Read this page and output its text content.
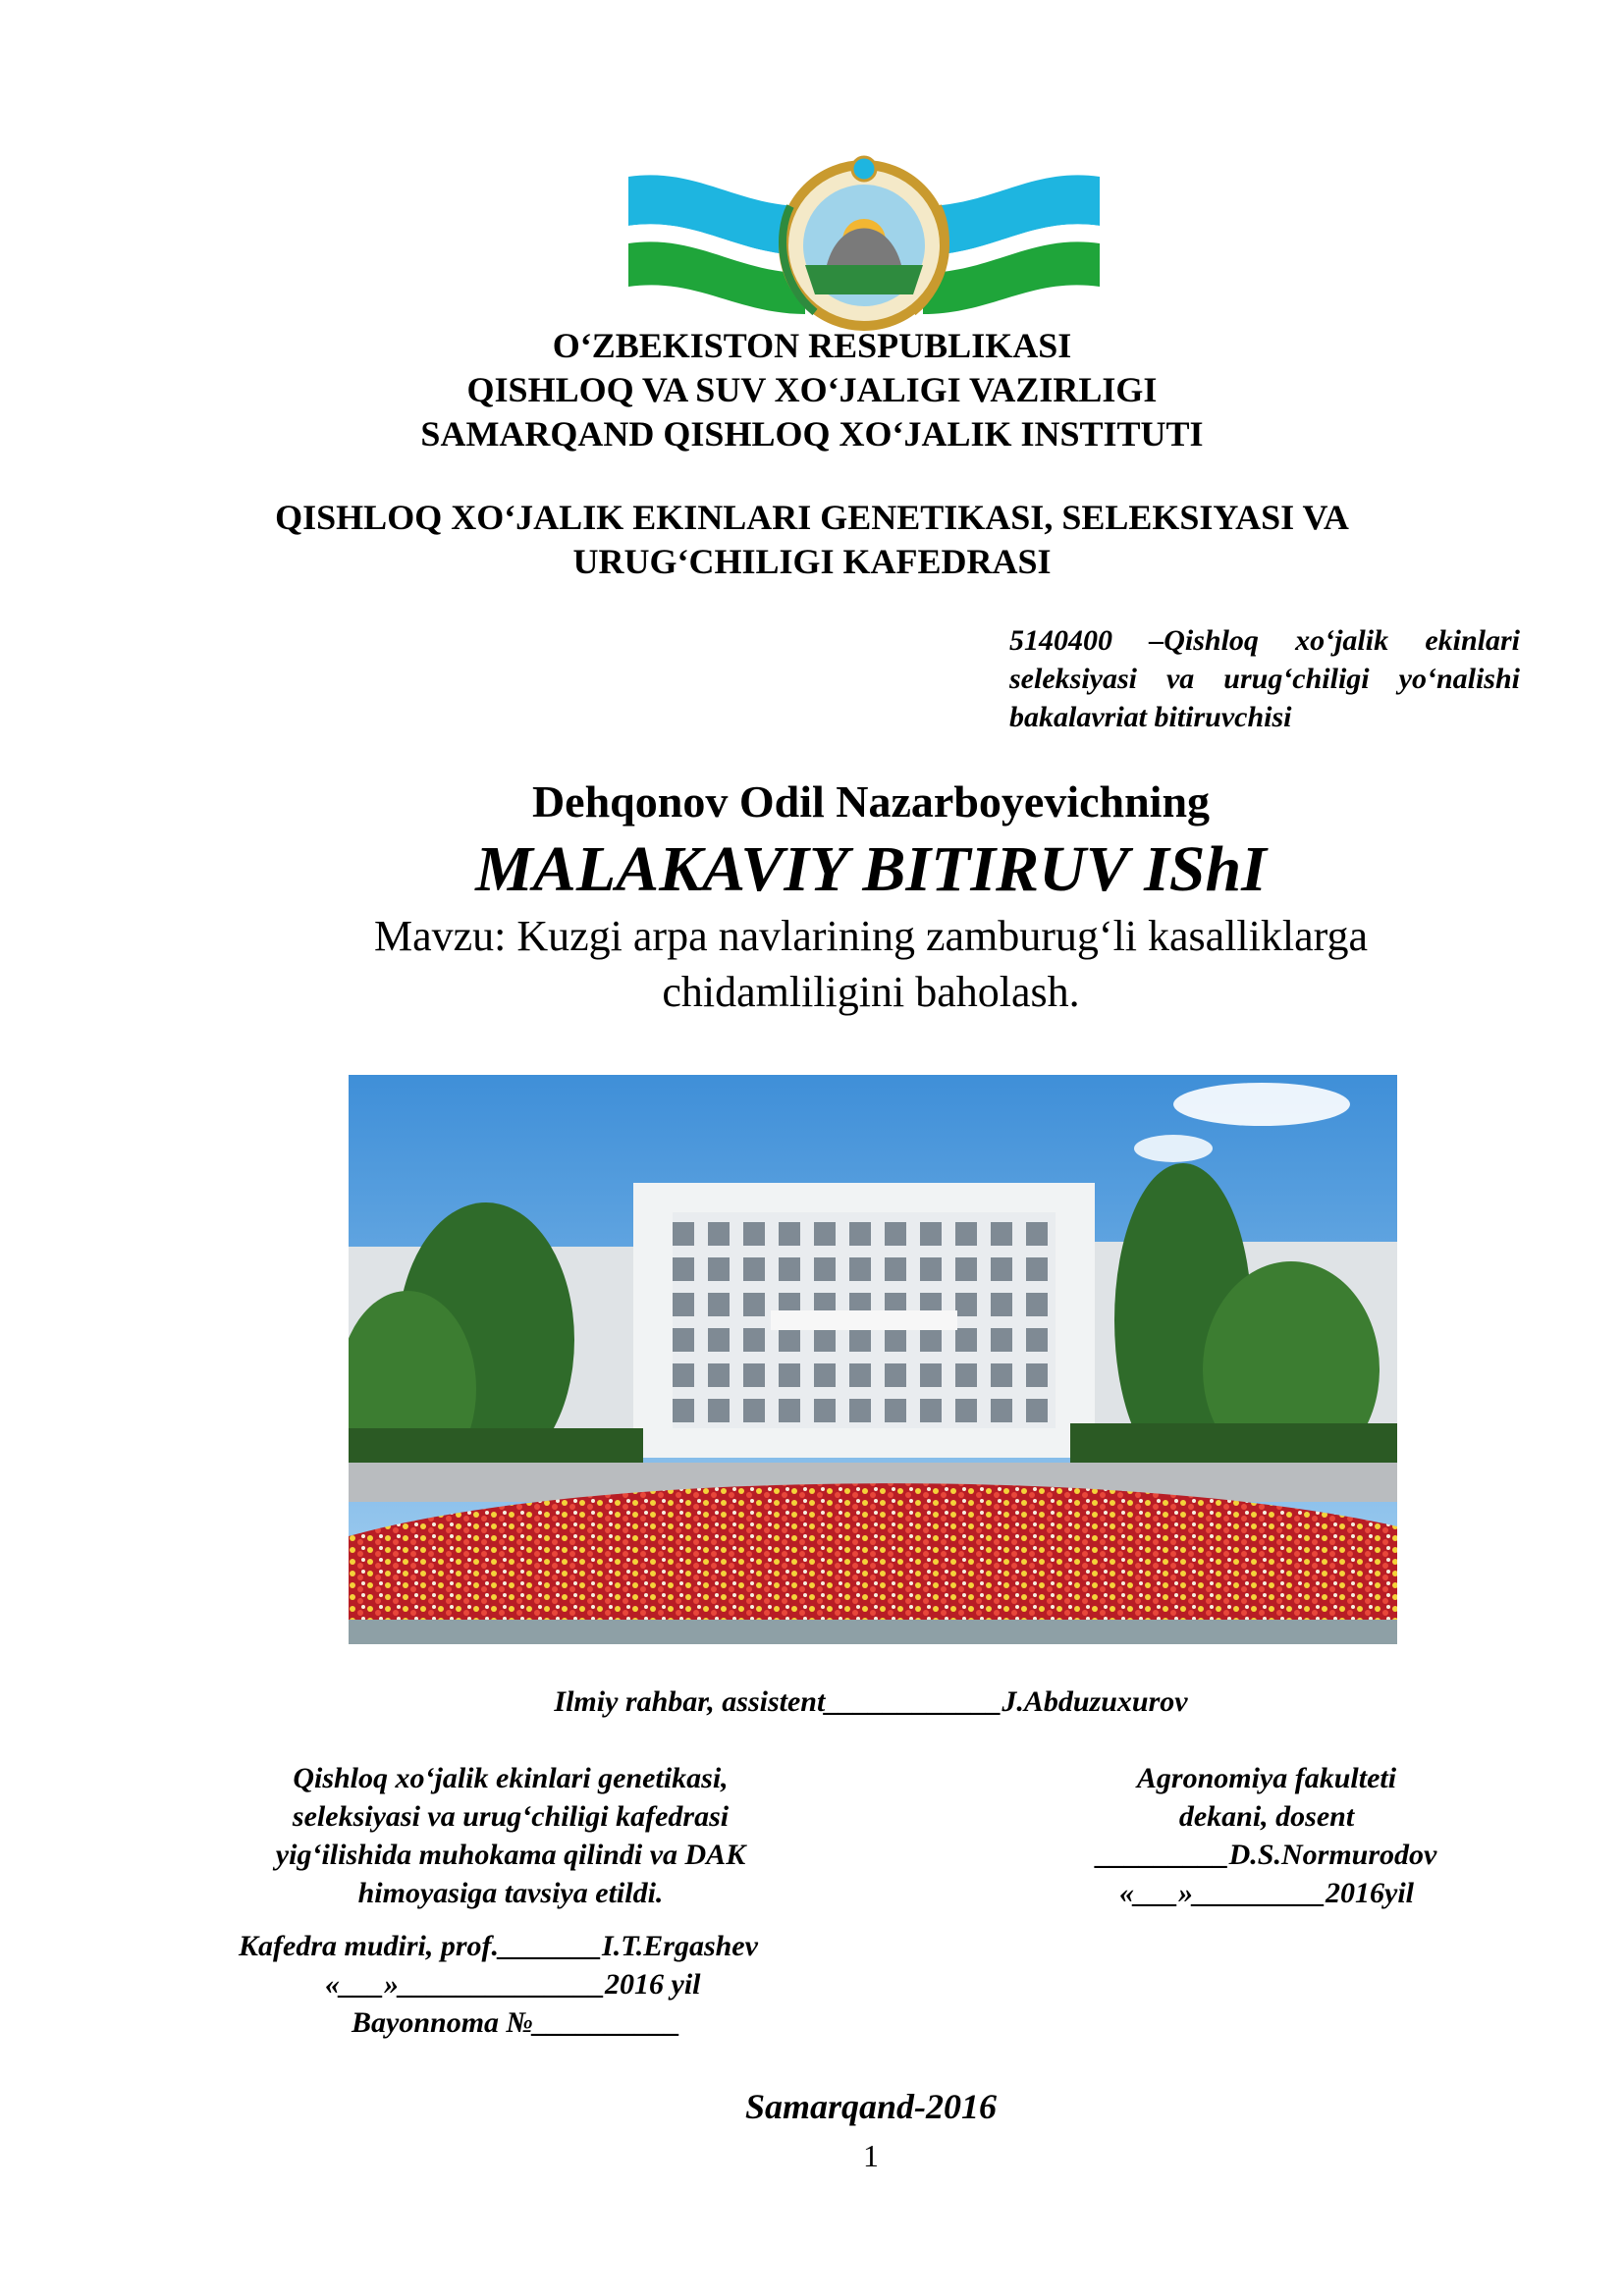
O‘ZBEKISTON RESPUBLIKASI
QISHLOQ VA SUV XO‘JALIGI VAZIRLIGI
SAMARQAND QISHLOQ XO‘JALIK INSTITUTI
QISHLOQ XO‘JALIK EKINLARI GENETIKASI, SELEKSIYASI VA
URUG‘CHILIGI KAFEDRASI
5140400 –Qishloq xo‘jalik ekinlari seleksiyasi va urug‘chiligi yo‘nalishi bakalavriat bitiruvchisi
Dehqonov Odil Nazarboyevichning
MALAKAVIY BITIRUV IShI
Mavzu: Kuzgi arpa navlarining zamburug‘li kasalliklarga
chidamliligini baholash.
Ilmiy rahbar, assistent____________J.Abduzuxurov
Qishloq xo‘jalik ekinlari genetikasi,
seleksiyasi va urug‘chiligi kafedrasi
yig‘ilishida muhokama qilindi va DAK
himoyasiga tavsiya etildi.
Agronomiya fakulteti
dekani, dosent
_________D.S.Normurodov
«___»_________2016yil
Kafedra mudiri, prof._______I.T.Ergashev
«___»______________2016 yil
Bayonnoma №__________
Samarqand-2016
1
